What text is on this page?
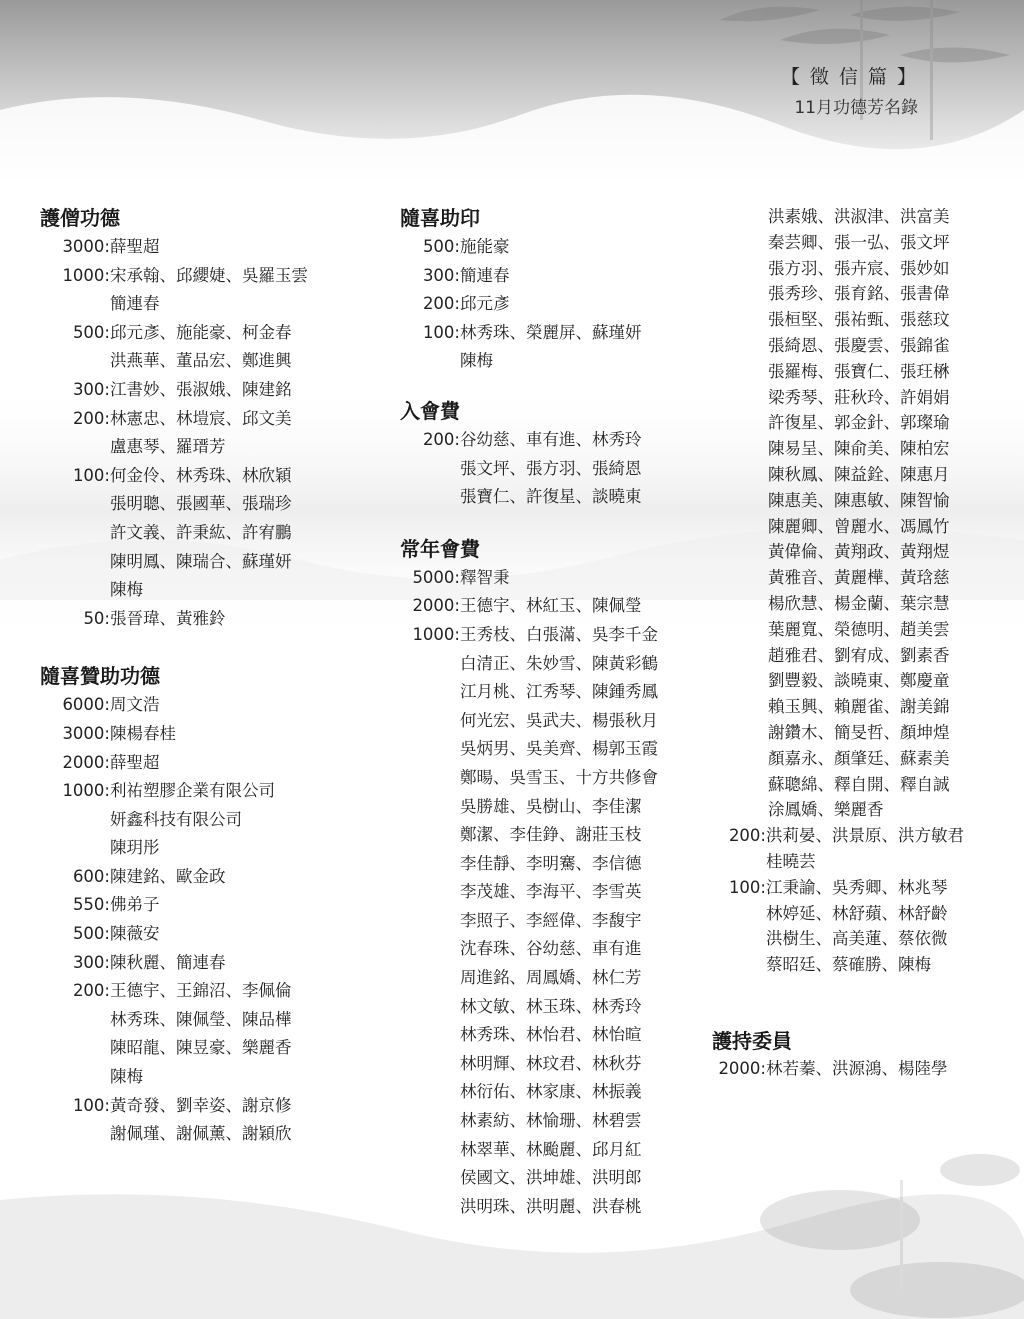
【 徵 信 篇 】
11月功德芳名錄
護僧功德
3000: 薛聖超
1000: 宋承翰、邱纓婕、吳羅玉雲
簡連春
500: 邱元彥、施能豪、柯金春
洪燕華、董品宏、鄭進興
300: 江書妙、張淑娥、陳建銘
200: 林憲忠、林塏宸、邱文美
盧惠琴、羅瑨芳
100: 何金伶、林秀珠、林欣穎
張明聰、張國華、張瑞珍
許文義、許秉紘、許宥鵬
陳明鳳、陳瑞合、蘇瑾妍
陳梅
50: 張晉瑋、黃雅鈴
隨喜贊助功德
6000: 周文浩
3000: 陳楊春桂
2000: 薛聖超
1000: 利祐塑膠企業有限公司
妍鑫科技有限公司
陳玥彤
600: 陳建銘、歐金政
550: 佛弟子
500: 陳薇安
300: 陳秋麗、簡連春
200: 王德宇、王錦沼、李佩倫
林秀珠、陳佩瑩、陳品樺
陳昭龍、陳昱豪、樂麗香
陳梅
100: 黃奇發、劉幸姿、謝京修
謝佩瑾、謝佩薰、謝穎欣
隨喜助印
500: 施能豪
300: 簡連春
200: 邱元彥
100: 林秀珠、榮麗屏、蘇瑾妍
陳梅
入會費
200: 谷幼慈、車有進、林秀玲
張文坪、張方羽、張綺恩
張寶仁、許復星、談曉東
常年會費
5000: 釋智秉
2000: 王德宇、林紅玉、陳佩瑩
1000: 王秀枝、白張滿、吳李千金
白清正、朱妙雪、陳黃彩鶴
江月桃、江秀琴、陳鍾秀鳳
何光宏、吳武夫、楊張秋月
吳炳男、吳美齊、楊郭玉霞
鄭暘、吳雪玉、十方共修會
吳勝雄、吳樹山、李佳潔
鄭潔、李佳錚、謝莊玉枝
李佳靜、李明騫、李信德
李茂雄、李海平、李雪英
李照子、李經偉、李馥宇
沈春珠、谷幼慈、車有進
周進銘、周鳳嬌、林仁芳
林文敏、林玉珠、林秀玲
林秀珠、林怡君、林怡暄
林明輝、林玟君、林秋芬
林衍佑、林家康、林振義
林素紡、林愉珊、林碧雲
林翠華、林颱麗、邱月紅
侯國文、洪坤雄、洪明郎
洪明珠、洪明麗、洪春桃
洪素娥、洪淑津、洪富美
秦芸卿、張一弘、張文坪
張方羽、張卉宸、張妙如
張秀珍、張育銘、張書偉
張桓堅、張祐甄、張慈玟
張綺恩、張慶雲、張錦雀
張羅梅、張寶仁、張玨楙
梁秀琴、莊秋玲、許娟娟
許復星、郭金針、郭璨瑜
陳易呈、陳俞美、陳柏宏
陳秋鳳、陳益銓、陳惠月
陳惠美、陳惠敏、陳智愉
陳麗卿、曾麗水、馮鳳竹
黃偉倫、黃翔政、黃翔煜
黃雅音、黃麗樺、黃琀慈
楊欣慧、楊金蘭、葉宗慧
葉麗寬、榮德明、趙美雲
趙雅君、劉宥成、劉素香
劉豐毅、談曉東、鄭慶童
賴玉興、賴麗雀、謝美錦
謝鑽木、簡旻哲、顏坤煌
顏嘉永、顏肇廷、蘇素美
蘇聰綿、釋自開、釋自誠
涂鳳嬌、樂麗香
200: 洪莉晏、洪景原、洪方敏君
桂曉芸
100: 江秉諭、吳秀卿、林兆琴
林婷延、林舒蘋、林舒齡
洪樹生、高美蓮、蔡依微
蔡昭廷、蔡確勝、陳梅
護持委員
2000: 林若蓁、洪源鴻、楊陸學
